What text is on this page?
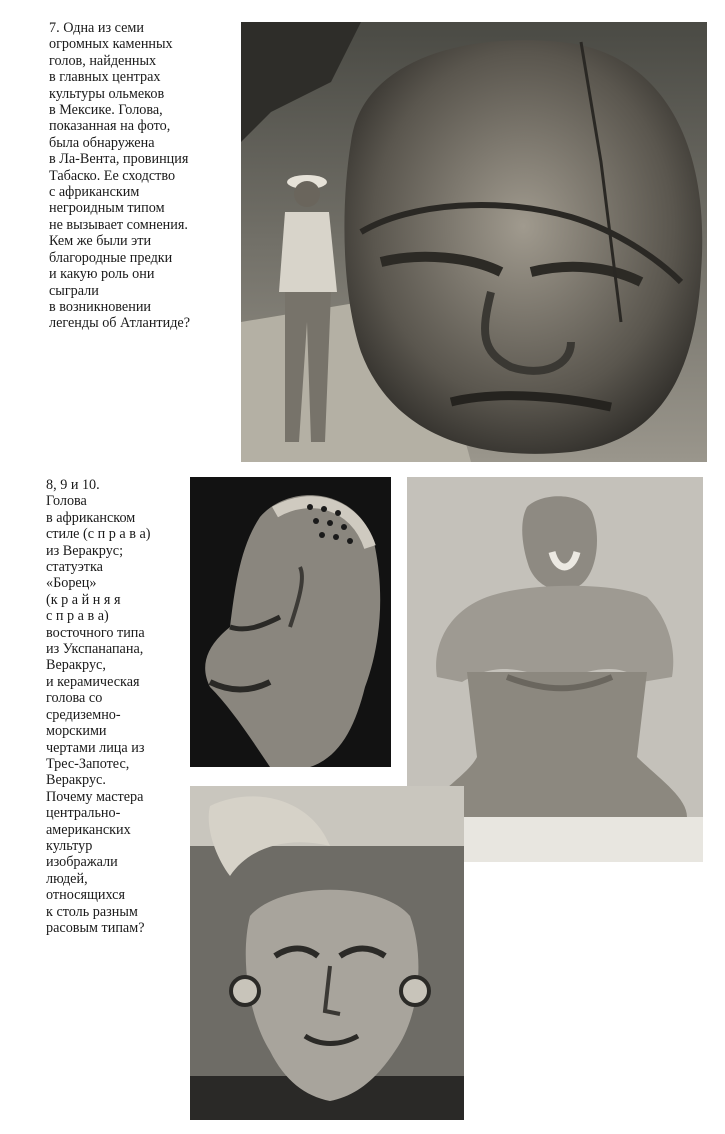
7. Одна из семи
огромных каменных
голов, найденных
в главных центрах
культуры ольмеков
в Мексике. Голова,
показанная на фото,
была обнаружена
в Ла-Вента, провинция
Табаско. Ее сходство
с африканским
негроидным типом
не вызывает сомнения.
Кем же были эти
благородные предки
и какую роль они
сыграли
в возникновении
легенды об Атлантиде?
8, 9 и 10.
Голова
в африканском
стиле (с п р а в а)
из Веракрус;
статуэтка
«Борец»
(к р а й н я я
с п р а в а)
восточного типа
из Укспанапана,
Веракрус,
и керамическая
голова со
средиземно-
морскими
чертами лица из
Трес-Запотес,
Веракрус.
Почему мастера
центрально-
американских
культур
изображали
людей,
относящихся
к столь разным
расовым типам?
